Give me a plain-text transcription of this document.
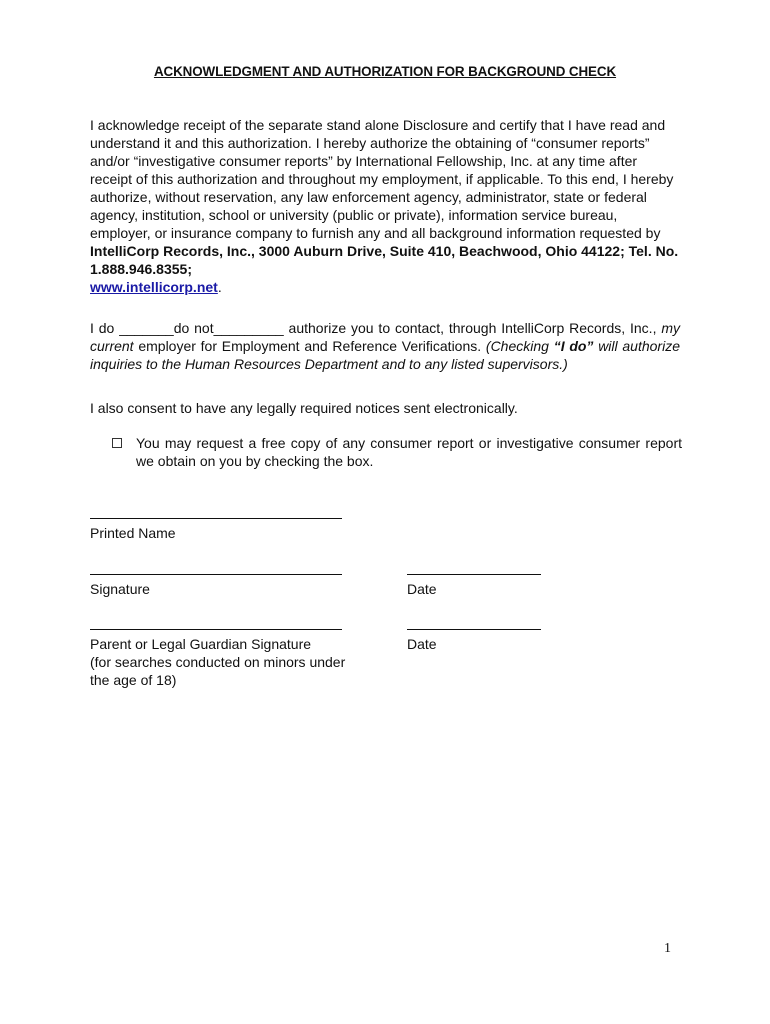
ACKNOWLEDGMENT AND AUTHORIZATION FOR BACKGROUND CHECK

I acknowledge receipt of the separate stand alone Disclosure and certify that I have read and understand it and this authorization. I hereby authorize the obtaining of “consumer reports” and/or “investigative consumer reports” by International Fellowship, Inc. at any time after receipt of this authorization and throughout my employment, if applicable. To this end, I hereby authorize, without reservation, any law enforcement agency, administrator, state or federal agency, institution, school or university (public or private), information service bureau, employer, or insurance company to furnish any and all background information requested by IntelliCorp Records, Inc., 3000 Auburn Drive, Suite 410, Beachwood, Ohio 44122; Tel. No. 1.888.946.8355;
www.intellicorp.net.

I do _______do not_________ authorize you to contact, through IntelliCorp Records, Inc., my current employer for Employment and Reference Verifications. (Checking “I do” will authorize inquiries to the Human Resources Department and to any listed supervisors.)

I also consent to have any legally required notices sent electronically.

You may request a free copy of any consumer report or investigative consumer report we obtain on you by checking the box.
Printed Name
Signature	Date
Parent or Legal Guardian Signature
(for searches conducted on minors under
the age of 18)
Date
1
